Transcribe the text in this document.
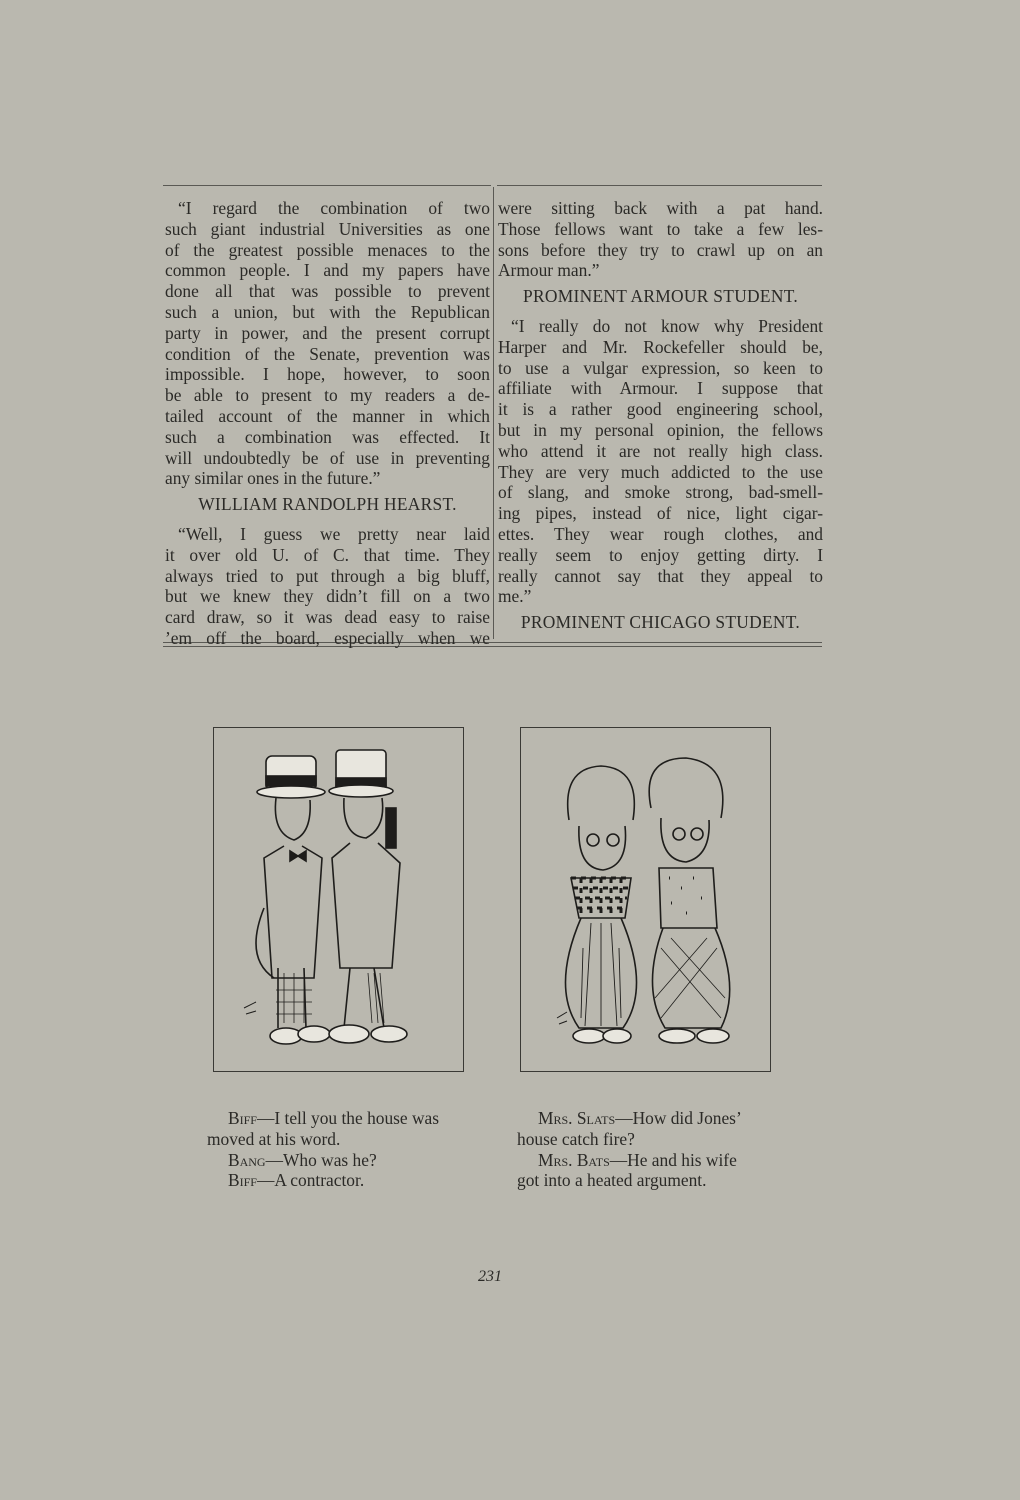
“I regard the combination of two
such giant industrial Universities as one
of the greatest possible menaces to the
common people. I and my papers have
done all that was possible to prevent
such a union, but with the Republican
party in power, and the present corrupt
condition of the Senate, prevention was
impossible. I hope, however, to soon
be able to present to my readers a de-
tailed account of the manner in which
such a combination was effected. It
will undoubtedly be of use in preventing
any similar ones in the future.”
WILLIAM RANDOLPH HEARST.
“Well, I guess we pretty near laid
it over old U. of C. that time. They
always tried to put through a big bluff,
but we knew they didn’t fill on a two
card draw, so it was dead easy to raise
’em off the board, especially when we
were sitting back with a pat hand.
Those fellows want to take a few les-
sons before they try to crawl up on an
Armour man.”
PROMINENT ARMOUR STUDENT.
“I really do not know why President
Harper and Mr. Rockefeller should be,
to use a vulgar expression, so keen to
affiliate with Armour. I suppose that
it is a rather good engineering school,
but in my personal opinion, the fellows
who attend it are not really high class.
They are very much addicted to the use
of slang, and smoke strong, bad-smell-
ing pipes, instead of nice, light cigar-
ettes. They wear rough clothes, and
really seem to enjoy getting dirty. I
really cannot say that they appeal to
me.”
PROMINENT CHICAGO STUDENT.
Biff—I tell you the house was
moved at his word.
Bang—Who was he?
Biff—A contractor.
Mrs. Slats—How did Jones’
house catch fire?
Mrs. Bats—He and his wife
got into a heated argument.
231
